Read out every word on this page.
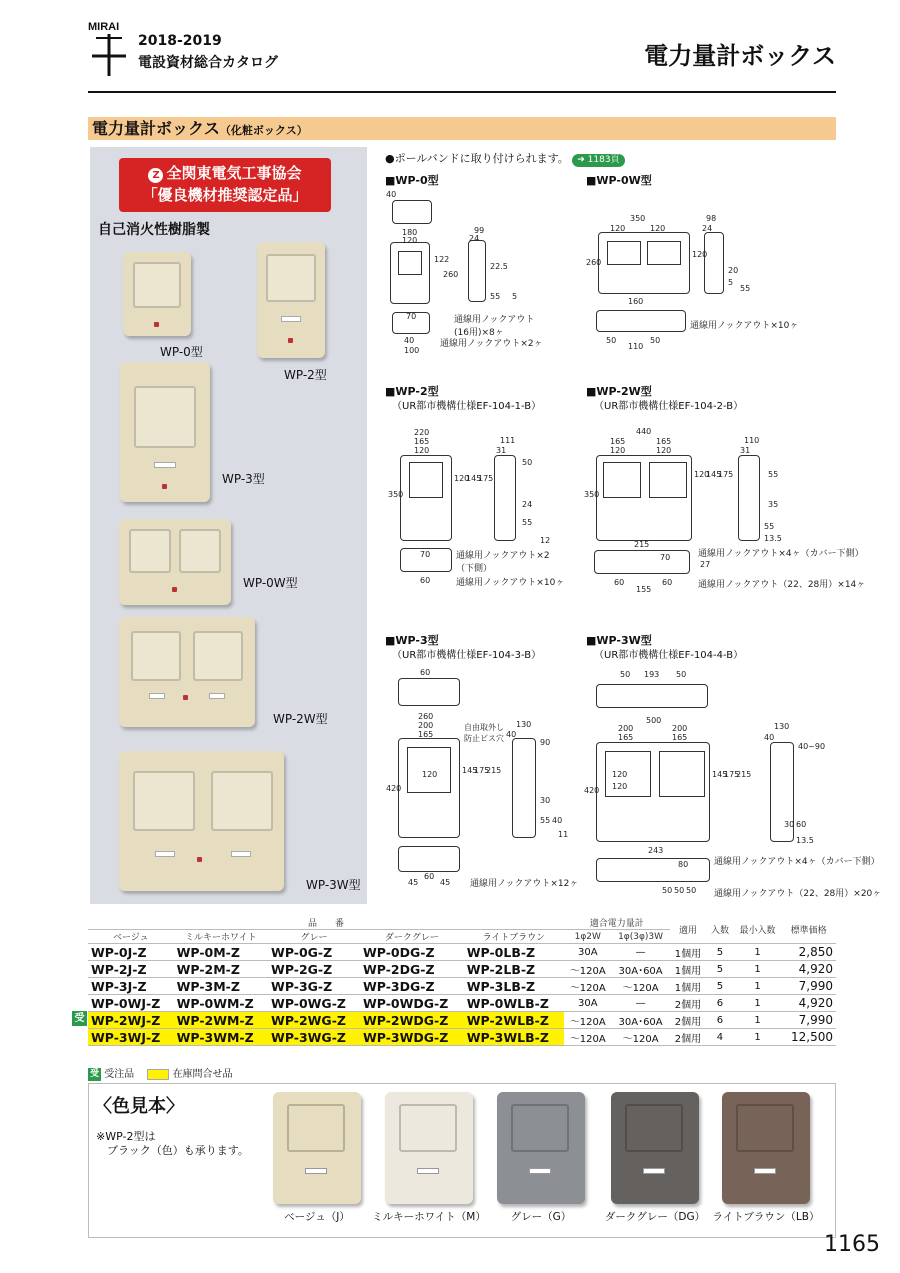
MIRAI
2018-2019
電設資材総合カタログ	電力量計ボックス
電力量計ボックス（化粧ボックス）
Z 全関東電気工事協会
「優良機材推奨認定品」
自己消火性樹脂製
WP-0型
WP-2型
WP-3型
WP-0W型
WP-2W型
WP-3W型
●ポールバンドに取り付けられます。 ➜ 1183頁
■WP-0型
40
180
120
122
260
99
24
22.5
55 5
70
40
100
通線用ノックアウト
(16用)×8ヶ
通線用ノックアウト×2ヶ
■WP-0W型
350
120	120
260
120
98
24
20
5
55
160
50
110
50
通線用ノックアウト×10ヶ
■WP-2型
（UR都市機構仕様EF-104-1-B）
220
165
120
120
145
175
350
111
31
50
24
55
12
70
60
通線用ノックアウト×2
（下側）
通線用ノックアウト×10ヶ
■WP-2W型
（UR都市機構仕様EF-104-2-B）
440
165	165
120	120
120
145
175
350
110
31
55
35
55
13.5
215
27
70
60
155
60
通線用ノックアウト×4ヶ（カバー下側）
通線用ノックアウト（22、28用）×14ヶ
■WP-3型
（UR都市機構仕様EF-104-3-B）
60
260
200
165
420
120	145
175
215
130
40
90
30
55 40
11
45
60
45
自由取外し
防止ビス穴
通線用ノックアウト×12ヶ
■WP-3W型
（UR都市機構仕様EF-104-4-B）
50 193 50
500
200	200
165	165
120
120
145
175
215
420
130
40
40~90
60
13.5
30
243
80
50 50 50
通線用ノックアウト×4ヶ（カバー下側）
通線用ノックアウト（22、28用）×20ヶ
受
品　　番					適合電力量計		適用	入数	最小入数	標準価格
ベージュ	ミルキーホワイト	グレー	ダークグレー	ライトブラウン	1φ2W	1φ(3φ)3W				
WP-0J-Z	WP-0M-Z	WP-0G-Z	WP-0DG-Z	WP-0LB-Z	30A	—	1個用	5	1	2,850
WP-2J-Z	WP-2M-Z	WP-2G-Z	WP-2DG-Z	WP-2LB-Z	～120A	30A･60A	1個用	5	1	4,920
WP-3J-Z	WP-3M-Z	WP-3G-Z	WP-3DG-Z	WP-3LB-Z	～120A	～120A	1個用	5	1	7,990
WP-0WJ-Z	WP-0WM-Z	WP-0WG-Z	WP-0WDG-Z	WP-0WLB-Z	30A	—	2個用	6	1	4,920
WP-2WJ-Z	WP-2WM-Z	WP-2WG-Z	WP-2WDG-Z	WP-2WLB-Z	～120A	30A･60A	2個用	6	1	7,990
WP-3WJ-Z	WP-3WM-Z	WP-3WG-Z	WP-3WDG-Z	WP-3WLB-Z	～120A	～120A	2個用	4	1	12,500
受 受注品	在庫問合せ品
〈色見本〉
※WP-2型は
　ブラック（色）も承ります。
ベージュ（J）	ミルキーホワイト（M）	グレー（G）	ダークグレー（DG） ライトブラウン（LB）
1165
